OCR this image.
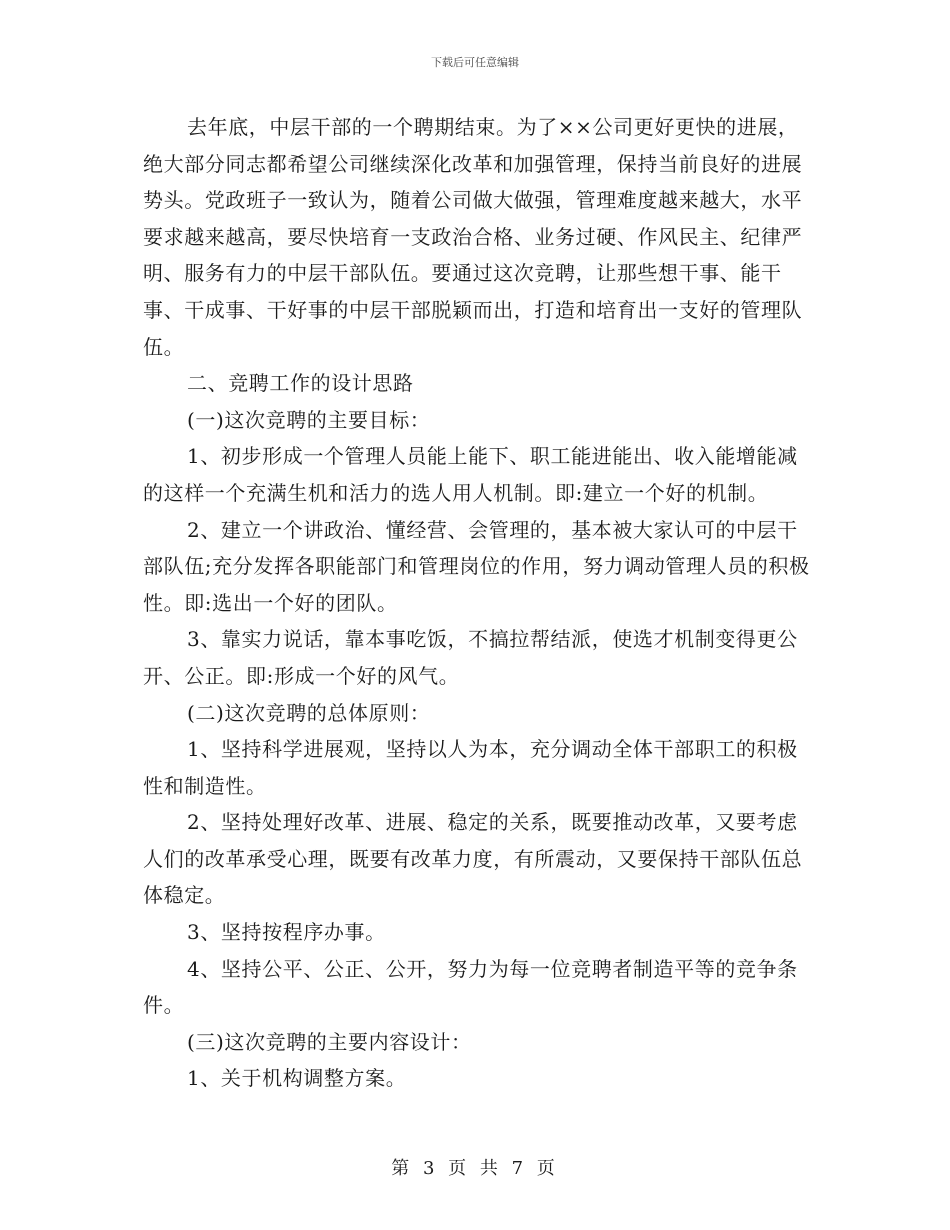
下载后可任意编辑

去年底，中层干部的一个聘期结束。为了××公司更好更快的进展，绝大部分同志都希望公司继续深化改革和加强管理，保持当前良好的进展势头。党政班子一致认为，随着公司做大做强，管理难度越来越大，水平要求越来越高，要尽快培育一支政治合格、业务过硬、作风民主、纪律严明、服务有力的中层干部队伍。要通过这次竞聘，让那些想干事、能干事、干成事、干好事的中层干部脱颖而出，打造和培育出一支好的管理队伍。

二、竞聘工作的设计思路

(一)这次竞聘的主要目标：

1、初步形成一个管理人员能上能下、职工能进能出、收入能增能减的这样一个充满生机和活力的选人用人机制。即:建立一个好的机制。

2、建立一个讲政治、懂经营、会管理的，基本被大家认可的中层干部队伍;充分发挥各职能部门和管理岗位的作用，努力调动管理人员的积极性。即:选出一个好的团队。

3、靠实力说话，靠本事吃饭，不搞拉帮结派，使选才机制变得更公开、公正。即:形成一个好的风气。

(二)这次竞聘的总体原则：

1、坚持科学进展观，坚持以人为本，充分调动全体干部职工的积极性和制造性。

2、坚持处理好改革、进展、稳定的关系，既要推动改革，又要考虑人们的改革承受心理，既要有改革力度，有所震动，又要保持干部队伍总体稳定。

3、坚持按程序办事。

4、坚持公平、公正、公开，努力为每一位竞聘者制造平等的竞争条件。

(三)这次竞聘的主要内容设计：

1、关于机构调整方案。

第 3 页 共 7 页
